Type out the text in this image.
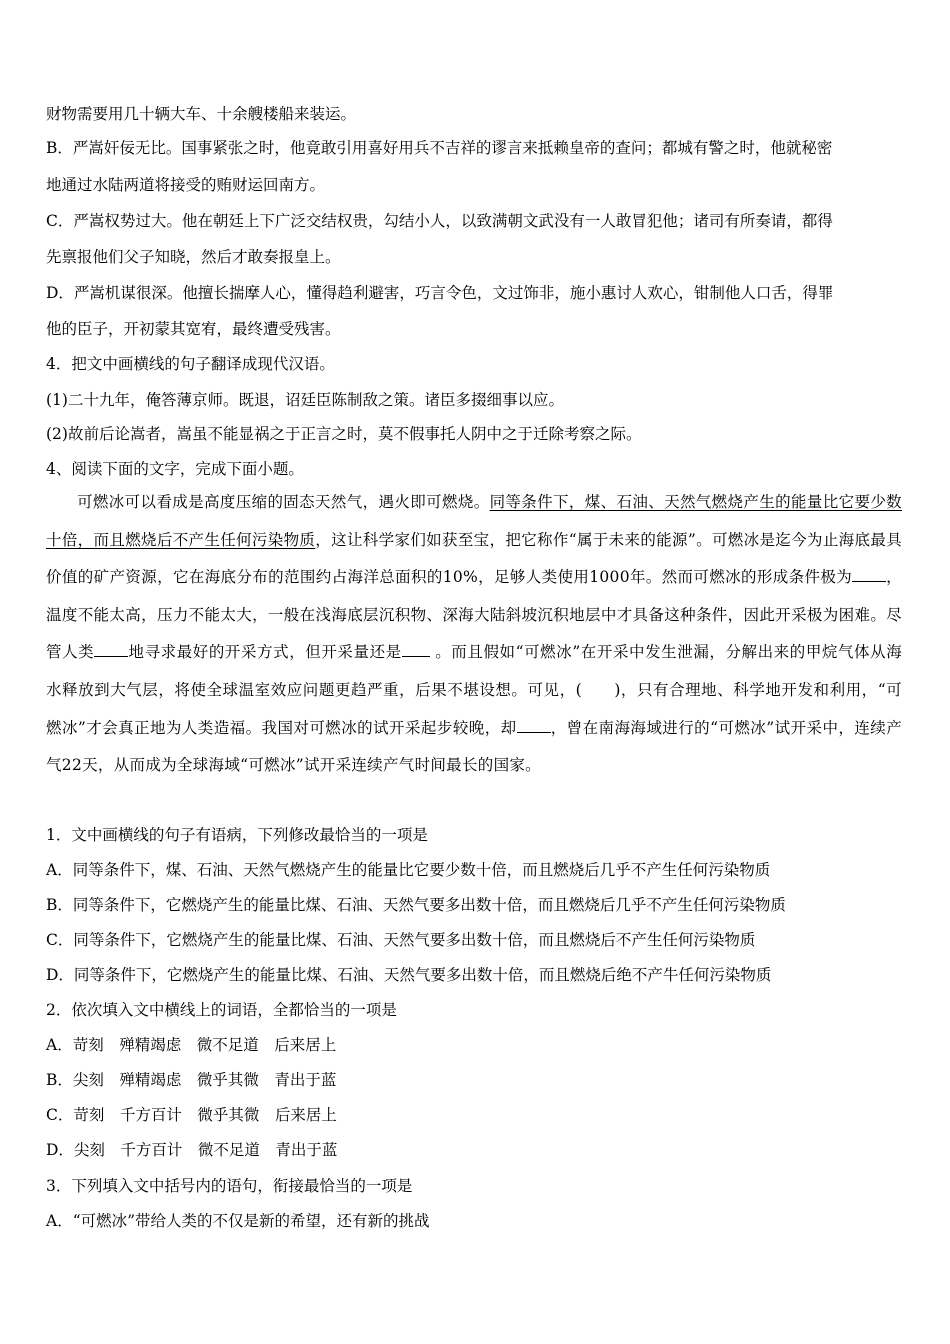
财物需要用几十辆大车、十余艘楼船来装运。
B．严嵩奸佞无比。国事紧张之时，他竟敢引用喜好用兵不吉祥的谬言来抵赖皇帝的查问；都城有警之时，他就秘密
地通过水陆两道将接受的贿财运回南方。
C．严嵩权势过大。他在朝廷上下广泛交结权贵，勾结小人，以致满朝文武没有一人敢冒犯他；诸司有所奏请，都得
先禀报他们父子知晓，然后才敢奏报皇上。
D．严嵩机谋很深。他擅长揣摩人心，懂得趋利避害，巧言令色，文过饰非，施小惠讨人欢心，钳制他人口舌，得罪
他的臣子，开初蒙其宽宥，最终遭受残害。
4．把文中画横线的句子翻译成现代汉语。
(1)二十九年，俺答薄京师。既退，诏廷臣陈制敌之策。诸臣多掇细事以应。
(2)故前后论嵩者，嵩虽不能显祸之于正言之时，莫不假事托人阴中之于迁除考察之际。
4、阅读下面的文字，完成下面小题。
可燃冰可以看成是高度压缩的固态天然气，遇火即可燃烧。同等条件下，煤、石油、天然气燃烧产生的能量比它要少数十倍，而且燃烧后不产生任何污染物质，这让科学家们如获至宝，把它称作“属于未来的能源”。可燃冰是迄今为止海底最具价值的矿产资源，它在海底分布的范围约占海洋总面积的10%，足够人类使用1000年。然而可燃冰的形成条件极为 ，温度不能太高，压力不能太大，一般在浅海底层沉积物、深海大陆斜坡沉积地层中才具备这种条件，因此开采极为困难。尽管人类 地寻求最好的开采方式，但开采量还是 。而且假如“可燃冰”在开采中发生泄漏，分解出来的甲烷气体从海水释放到大气层，将使全球温室效应问题更趋严重，后果不堪设想。可见，(　　)，只有合理地、科学地开发和利用，“可燃冰”才会真正地为人类造福。我国对可燃冰的试开采起步较晚，却 ，曾在南海海域进行的“可燃冰”试开采中，连续产气22天，从而成为全球海域“可燃冰”试开采连续产气时间最长的国家。
1．文中画横线的句子有语病，下列修改最恰当的一项是
A．同等条件下，煤、石油、天然气燃烧产生的能量比它要少数十倍，而且燃烧后几乎不产生任何污染物质
B．同等条件下，它燃烧产生的能量比煤、石油、天然气要多出数十倍，而且燃烧后几乎不产生任何污染物质
C．同等条件下，它燃烧产生的能量比煤、石油、天然气要多出数十倍，而且燃烧后不产生任何污染物质
D．同等条件下，它燃烧产生的能量比煤、石油、天然气要多出数十倍，而且燃烧后绝不产牛任何污染物质
2．依次填入文中横线上的词语，全都恰当的一项是
A．苛刻　殚精竭虑　微不足道　后来居上
B．尖刻　殚精竭虑　微乎其微　青出于蓝
C．苛刻　千方百计　微乎其微　后来居上
D．尖刻　千方百计　微不足道　青出于蓝
3．下列填入文中括号内的语句，衔接最恰当的一项是
A．“可燃冰”带给人类的不仅是新的希望，还有新的挑战
